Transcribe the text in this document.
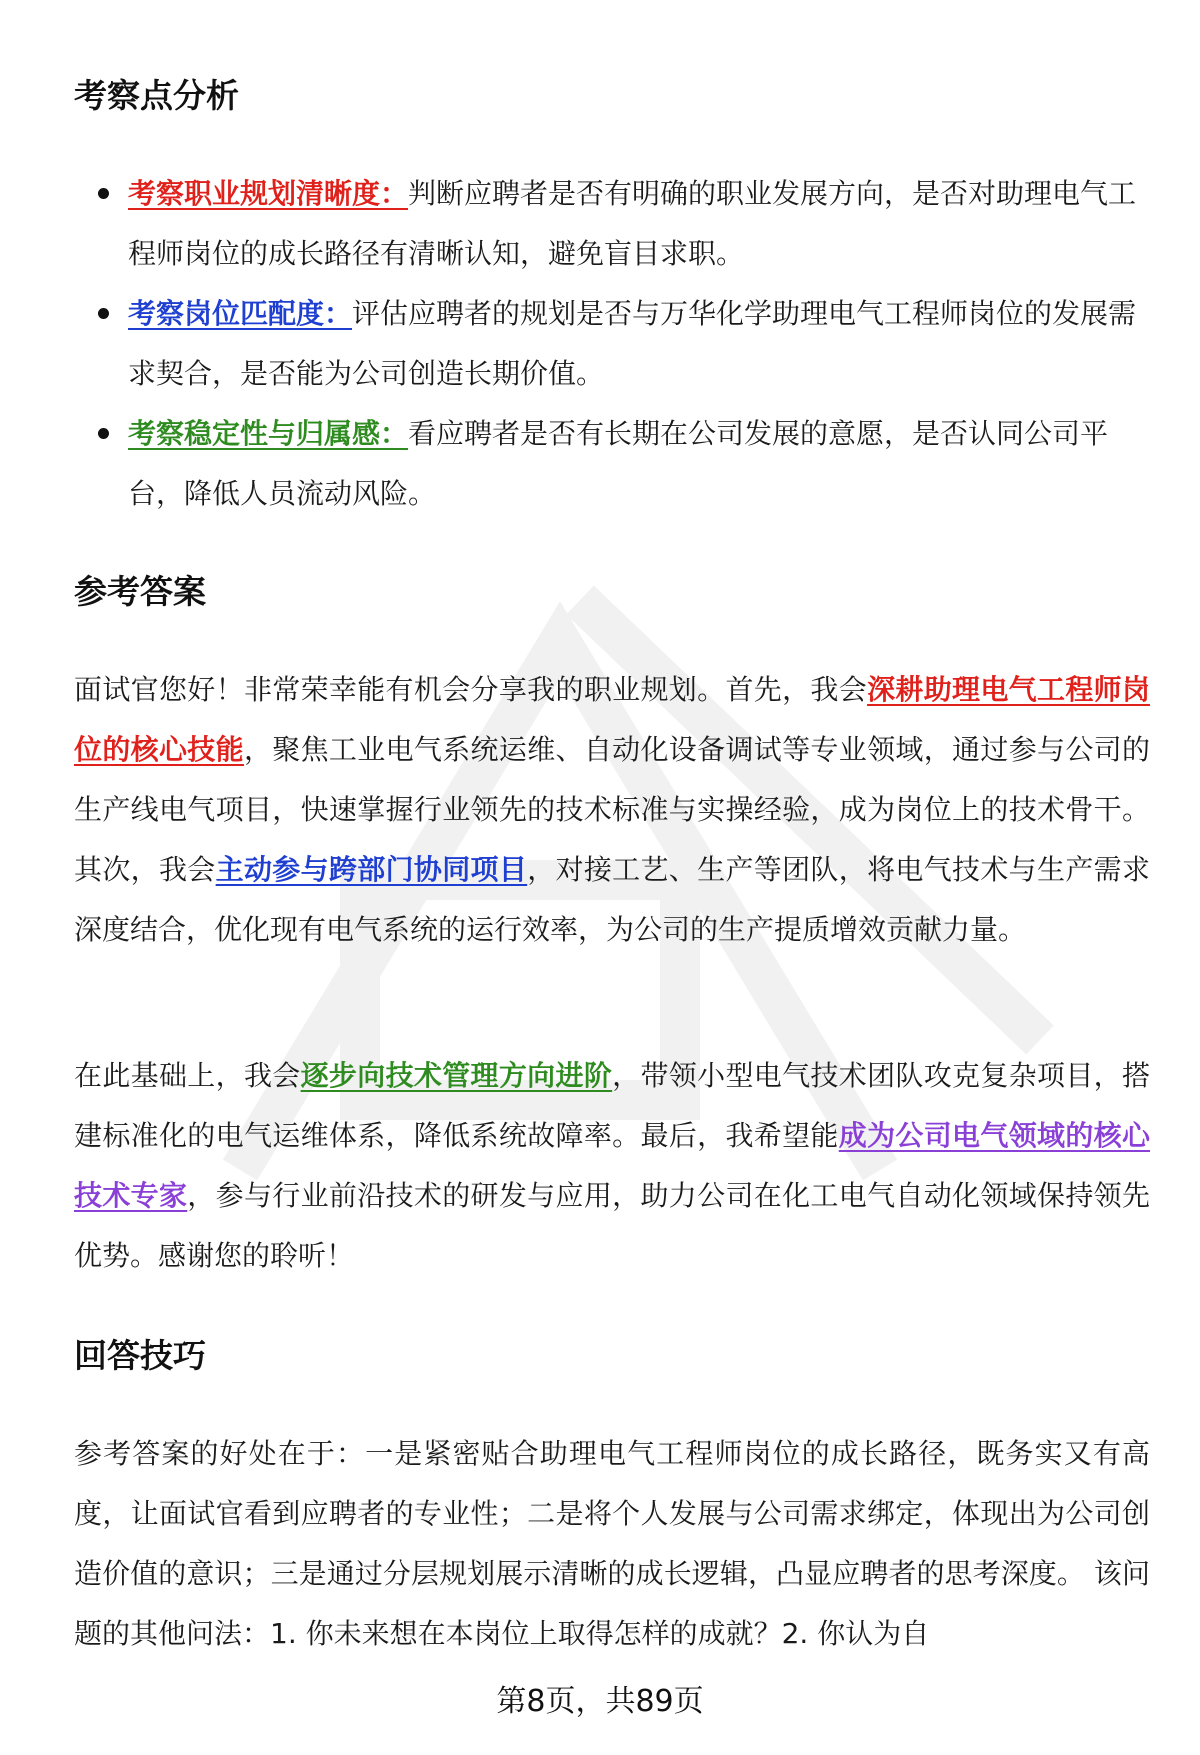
考察点分析
考察职业规划清晰度：判断应聘者是否有明确的职业发展方向，是否对助理电气工程师岗位的成长路径有清晰认知，避免盲目求职。
考察岗位匹配度：评估应聘者的规划是否与万华化学助理电气工程师岗位的发展需求契合，是否能为公司创造长期价值。
考察稳定性与归属感：看应聘者是否有长期在公司发展的意愿，是否认同公司平台，降低人员流动风险。
参考答案

面试官您好！非常荣幸能有机会分享我的职业规划。首先，我会深耕助理电气工程师岗位的核心技能，聚焦工业电气系统运维、自动化设备调试等专业领域，通过参与公司的生产线电气项目，快速掌握行业领先的技术标准与实操经验，成为岗位上的技术骨干。其次，我会主动参与跨部门协同项目，对接工艺、生产等团队，将电气技术与生产需求深度结合，优化现有电气系统的运行效率，为公司的生产提质增效贡献力量。

在此基础上，我会逐步向技术管理方向进阶，带领小型电气技术团队攻克复杂项目，搭建标准化的电气运维体系，降低系统故障率。最后，我希望能成为公司电气领域的核心技术专家，参与行业前沿技术的研发与应用，助力公司在化工电气自动化领域保持领先优势。感谢您的聆听！

回答技巧

参考答案的好处在于：一是紧密贴合助理电气工程师岗位的成长路径，既务实又有高度，让面试官看到应聘者的专业性；二是将个人发展与公司需求绑定，体现出为公司创造价值的意识；三是通过分层规划展示清晰的成长逻辑，凸显应聘者的思考深度。 该问题的其他问法：1. 你未来想在本岗位上取得怎样的成就？2. 你认为自

第8页，共89页
